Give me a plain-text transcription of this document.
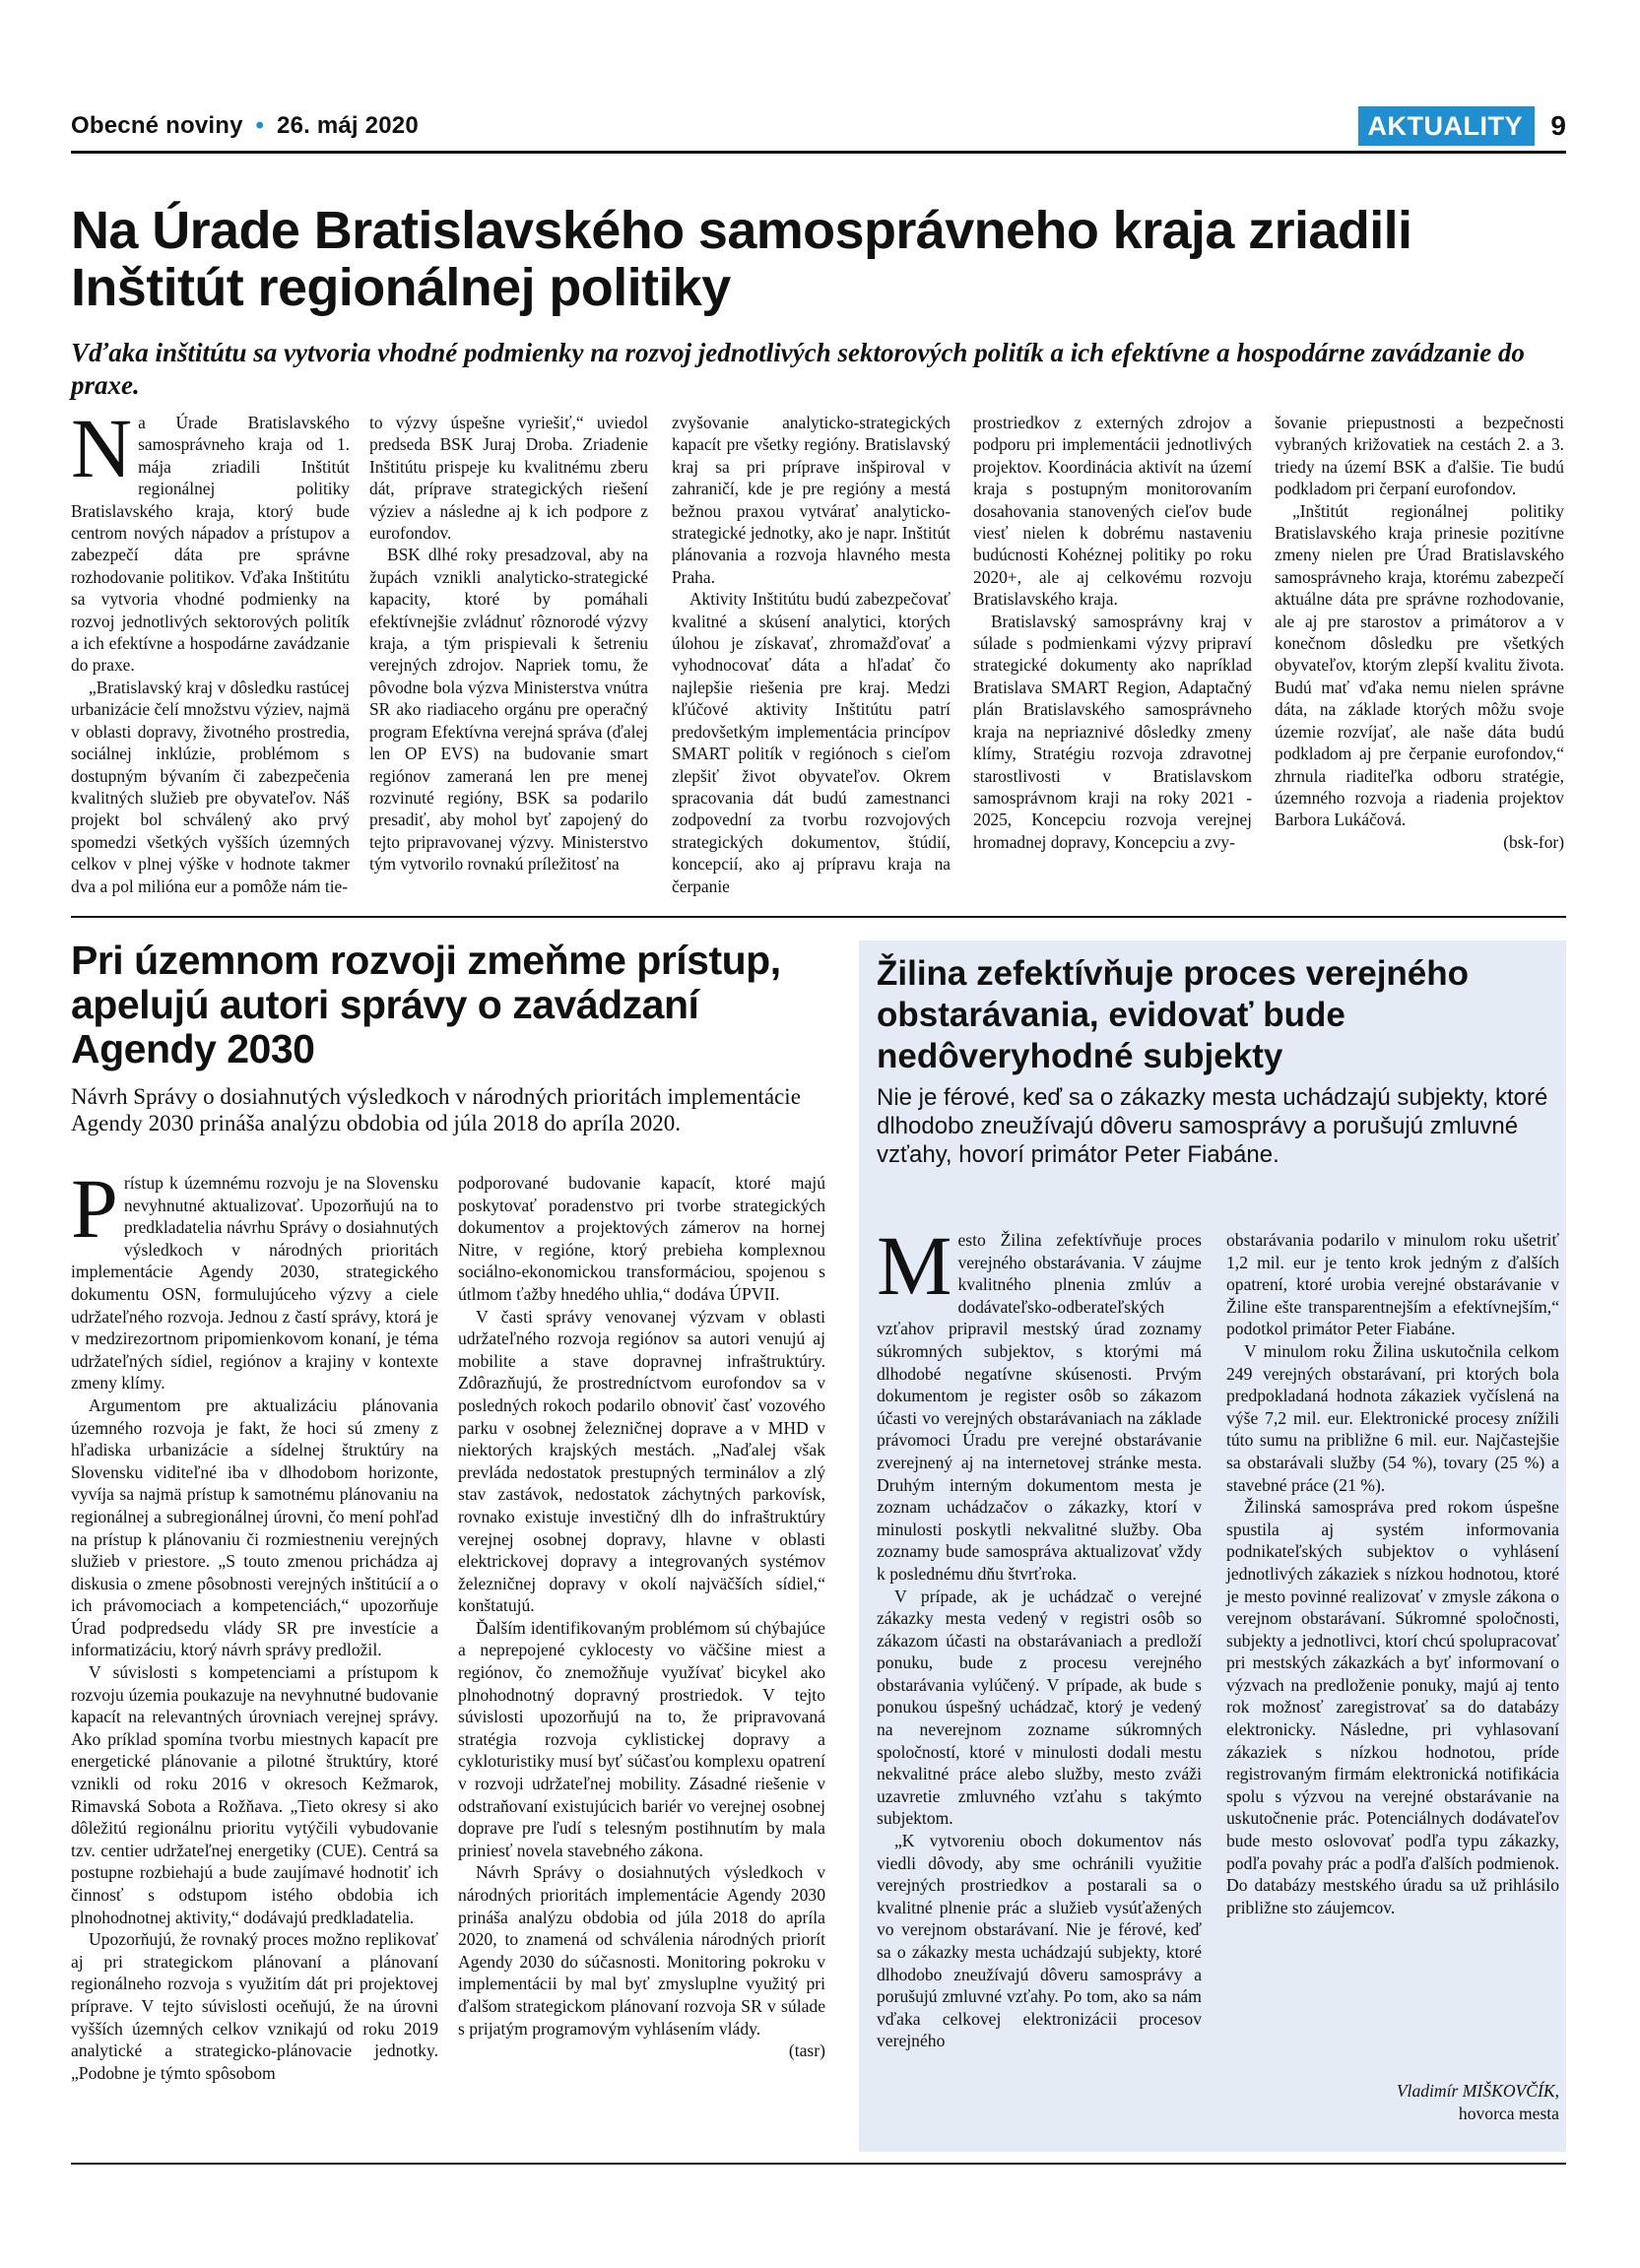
Obecné noviny • 26. máj 2020	AKTUALITY	9
Na Úrade Bratislavského samosprávneho kraja zriadili Inštitút regionálnej politiky
Vďaka inštitútu sa vytvoria vhodné podmienky na rozvoj jednotlivých sektorových politík a ich efektívne a hospodárne zavádzanie do praxe.

Na Úrade Bratislavského samosprávneho kraja od 1. mája zriadili Inštitút regionálnej politiky Bratislavského kraja, ktorý bude centrom nových nápadov a prístupov a zabezpečí dáta pre správne rozhodovanie politikov. Vďaka Inštitútu sa vytvoria vhodné podmienky na rozvoj jednotlivých sektorových politík a ich efektívne a hospodárne zavádzanie do praxe.

„Bratislavský kraj v dôsledku rastúcej urbanizácie čelí množstvu výziev, najmä v oblasti dopravy, životného prostredia, sociálnej inklúzie, problémom s dostupným bývaním či zabezpečenia kvalitných služieb pre obyvateľov. Náš projekt bol schválený ako prvý spomedzi všetkých vyšších územných celkov v plnej výške v hodnote takmer dva a pol milióna eur a pomôže nám tie-

to výzvy úspešne vyriešiť,“ uviedol predseda BSK Juraj Droba. Zriadenie Inštitútu prispeje ku kvalitnému zberu dát, príprave strategických riešení výziev a následne aj k ich podpore z eurofondov.

BSK dlhé roky presadzoval, aby na župách vznikli analyticko-strategické kapacity, ktoré by pomáhali efektívnejšie zvládnuť rôznorodé výzvy kraja, a tým prispievali k šetreniu verejných zdrojov. Napriek tomu, že pôvodne bola výzva Ministerstva vnútra SR ako riadiaceho orgánu pre operačný program Efektívna verejná správa (ďalej len OP EVS) na budovanie smart regiónov zameraná len pre menej rozvinuté regióny, BSK sa podarilo presadiť, aby mohol byť zapojený do tejto pripravovanej výzvy. Ministerstvo tým vytvorilo rovnakú príležitosť na

zvyšovanie analyticko-strategických kapacít pre všetky regióny. Bratislavský kraj sa pri príprave inšpiroval v zahraničí, kde je pre regióny a mestá bežnou praxou vytvárať analyticko-strategické jednotky, ako je napr. Inštitút plánovania a rozvoja hlavného mesta Praha.

Aktivity Inštitútu budú zabezpečovať kvalitné a skúsení analytici, ktorých úlohou je získavať, zhromažďovať a vyhodnocovať dáta a hľadať čo najlepšie riešenia pre kraj. Medzi kľúčové aktivity Inštitútu patrí predovšetkým implementácia princípov SMART politík v regiónoch s cieľom zlepšiť život obyvateľov. Okrem spracovania dát budú zamestnanci zodpovední za tvorbu rozvojových strategických dokumentov, štúdií, koncepcií, ako aj prípravu kraja na čerpanie

prostriedkov z externých zdrojov a podporu pri implementácii jednotlivých projektov. Koordinácia aktivít na území kraja s postupným monitorovaním dosahovania stanovených cieľov bude viesť nielen k dobrému nastaveniu budúcnosti Kohéznej politiky po roku 2020+, ale aj celkovému rozvoju Bratislavského kraja.

Bratislavský samosprávny kraj v súlade s podmienkami výzvy pripraví strategické dokumenty ako napríklad Bratislava SMART Region, Adaptačný plán Bratislavského samosprávneho kraja na nepriaznivé dôsledky zmeny klímy, Stratégiu rozvoja zdravotnej starostlivosti v Bratislavskom samosprávnom kraji na roky 2021 - 2025, Koncepciu rozvoja verejnej hromadnej dopravy, Koncepciu a zvy-

šovanie priepustnosti a bezpečnosti vybraných križovatiek na cestách 2. a 3. triedy na území BSK a ďalšie. Tie budú podkladom pri čerpaní eurofondov.

„Inštitút regionálnej politiky Bratislavského kraja prinesie pozitívne zmeny nielen pre Úrad Bratislavského samosprávneho kraja, ktorému zabezpečí aktuálne dáta pre správne rozhodovanie, ale aj pre starostov a primátorov a v konečnom dôsledku pre všetkých obyvateľov, ktorým zlepší kvalitu života. Budú mať vďaka nemu nielen správne dáta, na základe ktorých môžu svoje územie rozvíjať, ale naše dáta budú podkladom aj pre čerpanie eurofondov,“ zhrnula riaditeľka odboru stratégie, územného rozvoja a riadenia projektov Barbora Lukáčová.

(bsk-for)

Pri územnom rozvoji zmeňme prístup, apelujú autori správy o zavádzaní Agendy 2030
Návrh Správy o dosiahnutých výsledkoch v národných prioritách implementácie Agendy 2030 prináša analýzu obdobia od júla 2018 do apríla 2020.

Prístup k územnému rozvoju je na Slovensku nevyhnutné aktualizovať. Upozorňujú na to predkladatelia návrhu Správy o dosiahnutých výsledkoch v národných prioritách implementácie Agendy 2030, strategického dokumentu OSN, formulujúceho výzvy a ciele udržateľného rozvoja. Jednou z častí správy, ktorá je v medzirezortnom pripomienkovom konaní, je téma udržateľných sídiel, regiónov a krajiny v kontexte zmeny klímy.

Argumentom pre aktualizáciu plánovania územného rozvoja je fakt, že hoci sú zmeny z hľadiska urbanizácie a sídelnej štruktúry na Slovensku viditeľné iba v dlhodobom horizonte, vyvíja sa najmä prístup k samotnému plánovaniu na regionálnej a subregionálnej úrovni, čo mení pohľad na prístup k plánovaniu či rozmiestneniu verejných služieb v priestore. „S touto zmenou prichádza aj diskusia o zmene pôsobnosti verejných inštitúcií a o ich právomociach a kompetenciách,“ upozorňuje Úrad podpredsedu vlády SR pre investície a informatizáciu, ktorý návrh správy predložil.

V súvislosti s kompetenciami a prístupom k rozvoju územia poukazuje na nevyhnutné budovanie kapacít na relevantných úrovniach verejnej správy. Ako príklad spomína tvorbu miestnych kapacít pre energetické plánovanie a pilotné štruktúry, ktoré vznikli od roku 2016 v okresoch Kežmarok, Rimavská Sobota a Rožňava. „Tieto okresy si ako dôležitú regionálnu prioritu vytýčili vybudovanie tzv. centier udržateľnej energetiky (CUE). Centrá sa postupne rozbiehajú a bude zaujímavé hodnotiť ich činnosť s odstupom istého obdobia ich plnohodnotnej aktivity,“ dodávajú predkladatelia.

Upozorňujú, že rovnaký proces možno replikovať aj pri strategickom plánovaní a plánovaní regionálneho rozvoja s využitím dát pri projektovej príprave. V tejto súvislosti oceňujú, že na úrovni vyšších územných celkov vznikajú od roku 2019 analytické a strategicko-plánovacie jednotky. „Podobne je týmto spôsobom

podporované budovanie kapacít, ktoré majú poskytovať poradenstvo pri tvorbe strategických dokumentov a projektových zámerov na hornej Nitre, v regióne, ktorý prebieha komplexnou sociálno-ekonomickou transformáciou, spojenou s útlmom ťažby hnedého uhlia,“ dodáva ÚPVII.

V časti správy venovanej výzvam v oblasti udržateľného rozvoja regiónov sa autori venujú aj mobilite a stave dopravnej infraštruktúry. Zdôrazňujú, že prostredníctvom eurofondov sa v posledných rokoch podarilo obnoviť časť vozového parku v osobnej železničnej doprave a v MHD v niektorých krajských mestách. „Naďalej však prevláda nedostatok prestupných terminálov a zlý stav zastávok, nedostatok záchytných parkovísk, rovnako existuje investičný dlh do infraštruktúry verejnej osobnej dopravy, hlavne v oblasti elektrickovej dopravy a integrovaných systémov železničnej dopravy v okolí najväčších sídiel,“ konštatujú.

Ďalším identifikovaným problémom sú chýbajúce a neprepojené cyklocesty vo väčšine miest a regiónov, čo znemožňuje využívať bicykel ako plnohodnotný dopravný prostriedok. V tejto súvislosti upozorňujú na to, že pripravovaná stratégia rozvoja cyklistickej dopravy a cykloturistiky musí byť súčasťou komplexu opatrení v rozvoji udržateľnej mobility. Zásadné riešenie v odstraňovaní existujúcich bariér vo verejnej osobnej doprave pre ľudí s telesným postihnutím by mala priniesť novela stavebného zákona.

Návrh Správy o dosiahnutých výsledkoch v národných prioritách implementácie Agendy 2030 prináša analýzu obdobia od júla 2018 do apríla 2020, to znamená od schválenia národných priorít Agendy 2030 do súčasnosti. Monitoring pokroku v implementácii by mal byť zmysluplne využitý pri ďalšom strategickom plánovaní rozvoja SR v súlade s prijatým programovým vyhlásením vlády.

(tasr)

Žilina zefektívňuje proces verejného obstarávania, evidovať bude nedôveryhodné subjekty
Nie je férové, keď sa o zákazky mesta uchádzajú subjekty, ktoré dlhodobo zneužívajú dôveru samosprávy a porušujú zmluvné vzťahy, hovorí primátor Peter Fiabáne.

Mesto Žilina zefektívňuje proces verejného obstarávania. V záujme kvalitného plnenia zmlúv a dodávateľsko-odberateľských vzťahov pripravil mestský úrad zoznamy súkromných subjektov, s ktorými má dlhodobé negatívne skúsenosti. Prvým dokumentom je register osôb so zákazom účasti vo verejných obstarávaniach na základe právomoci Úradu pre verejné obstarávanie zverejnený aj na internetovej stránke mesta. Druhým interným dokumentom mesta je zoznam uchádzačov o zákazky, ktorí v minulosti poskytli nekvalitné služby. Oba zoznamy bude samospráva aktualizovať vždy k poslednému dňu štvrťroka.

V prípade, ak je uchádzač o verejné zákazky mesta vedený v registri osôb so zákazom účasti na obstarávaniach a predloží ponuku, bude z procesu verejného obstarávania vylúčený. V prípade, ak bude s ponukou úspešný uchádzač, ktorý je vedený na neverejnom zozname súkromných spoločností, ktoré v minulosti dodali mestu nekvalitné práce alebo služby, mesto zváži uzavretie zmluvného vzťahu s takýmto subjektom.

„K vytvoreniu oboch dokumentov nás viedli dôvody, aby sme ochránili využitie verejných prostriedkov a postarali sa o kvalitné plnenie prác a služieb vysúťažených vo verejnom obstarávaní. Nie je férové, keď sa o zákazky mesta uchádzajú subjekty, ktoré dlhodobo zneužívajú dôveru samosprávy a porušujú zmluvné vzťahy. Po tom, ako sa nám vďaka celkovej elektronizácii procesov verejného

obstarávania podarilo v minulom roku ušetriť 1,2 mil. eur je tento krok jedným z ďalších opatrení, ktoré urobia verejné obstarávanie v Žiline ešte transparentnejším a efektívnejším,“ podotkol primátor Peter Fiabáne.

V minulom roku Žilina uskutočnila celkom 249 verejných obstarávaní, pri ktorých bola predpokladaná hodnota zákaziek vyčíslená na výše 7,2 mil. eur. Elektronické procesy znížili túto sumu na približne 6 mil. eur. Najčastejšie sa obstarávali služby (54 %), tovary (25 %) a stavebné práce (21 %).

Žilinská samospráva pred rokom úspešne spustila aj systém informovania podnikateľských subjektov o vyhlásení jednotlivých zákaziek s nízkou hodnotou, ktoré je mesto povinné realizovať v zmysle zákona o verejnom obstarávaní. Súkromné spoločnosti, subjekty a jednotlivci, ktorí chcú spolupracovať pri mestských zákazkách a byť informovaní o výzvach na predloženie ponuky, majú aj tento rok možnosť zaregistrovať sa do databázy elektronicky. Následne, pri vyhlasovaní zákaziek s nízkou hodnotou, príde registrovaným firmám elektronická notifikácia spolu s výzvou na verejné obstarávanie na uskutočnenie prác. Potenciálnych dodávateľov bude mesto oslovovať podľa typu zákazky, podľa povahy prác a podľa ďalších podmienok. Do databázy mestského úradu sa už prihlásilo približne sto záujemcov.

Vladimír MIŠKOVČÍK,
hovorca mesta
